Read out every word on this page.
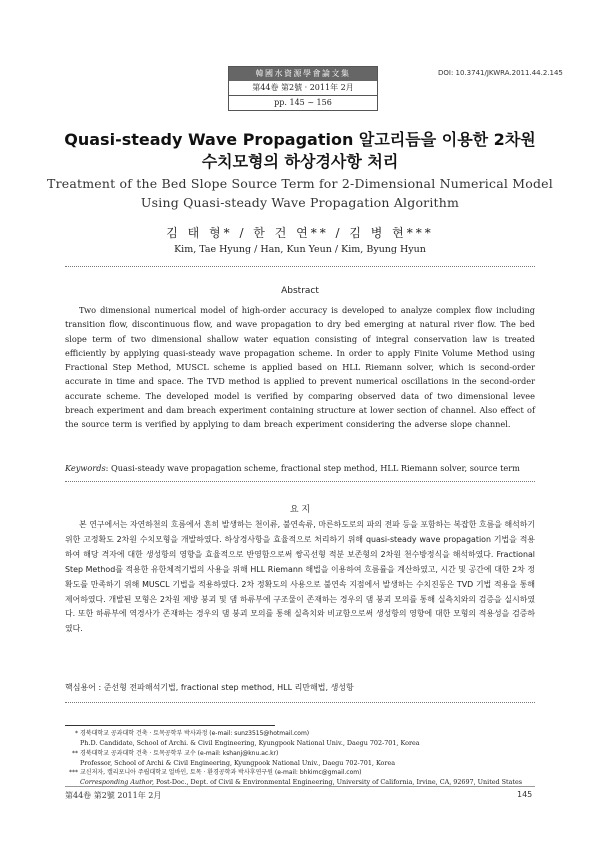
韓國水資源學會論文集
第44卷 第2號 · 2011年 2月
pp. 145 ~ 156
DOI: 10.3741/JKWRA.2011.44.2.145
Quasi-steady Wave Propagation 알고리듬을 이용한 2차원
수치모형의 하상경사항 처리
Treatment of the Bed Slope Source Term for 2-Dimensional Numerical Model
Using Quasi-steady Wave Propagation Algorithm
김 태 형* / 한 건 연** / 김 병 현***
Kim, Tae Hyung / Han, Kun Yeun / Kim, Byung Hyun
Abstract
Two dimensional numerical model of high-order accuracy is developed to analyze complex flow including transition flow, discontinuous flow, and wave propagation to dry bed emerging at natural river flow. The bed slope term of two dimensional shallow water equation consisting of integral conservation law is treated efficiently by applying quasi-steady wave propagation scheme. In order to apply Finite Volume Method using Fractional Step Method, MUSCL scheme is applied based on HLL Riemann solver, which is second-order accurate in time and space. The TVD method is applied to prevent numerical oscillations in the second-order accurate scheme. The developed model is verified by comparing observed data of two dimensional levee breach experiment and dam breach experiment containing structure at lower section of channel. Also effect of the source term is verified by applying to dam breach experiment considering the adverse slope channel.
Keywords: Quasi-steady wave propagation scheme, fractional step method, HLL Riemann solver, source term
요 지
본 연구에서는 자연하천의 흐름에서 흔히 발생하는 천이류, 불연속류, 마른하도로의 파의 전파 등을 포함하는 복잡한 흐름을 해석하기 위한 고정확도 2차원 수치모형을 개발하였다. 하상경사항을 효율적으로 처리하기 위해 quasi-steady wave propagation 기법을 적용하여 해당 격자에 대한 생성항의 영향을 효율적으로 반영함으로써 쌍곡선형 적분 보존형의 2차원 천수방정식을 해석하였다. Fractional Step Method를 적용한 유한체적기법의 사용을 위해 HLL Riemann 해법을 이용하여 흐름률을 계산하였고, 시간 및 공간에 대한 2차 정확도를 만족하기 위해 MUSCL 기법을 적용하였다. 2차 정확도의 사용으로 불연속 지점에서 발생하는 수치진동은 TVD 기법 적용을 통해 제어하였다. 개발된 모형은 2차원 제방 붕괴 및 댐 하류부에 구조물이 존재하는 경우의 댐 붕괴 모의를 통해 실측치와의 검증을 실시하였다. 또한 하류부에 역경사가 존재하는 경우의 댐 붕괴 모의를 통해 실측치와 비교함으로써 생성항의 영향에 대한 모형의 적용성을 검증하였다.
핵심용어 : 준선형 전파해석기법, fractional step method, HLL 리만해법, 생성항
* 경북대학교 공과대학 건축 · 토목공학부 박사과정 (e-mail: sunz3515@hotmail.com)
Ph.D. Candidate, School of Archi. & Civil Engineering, Kyungpook National Univ., Daegu 702-701, Korea
** 경북대학교 공과대학 건축 · 토목공학부 교수 (e-mail: kshanj@knu.ac.kr)
Professor, School of Archi & Civil Engineering, Kyungpook National Univ., Daegu 702-701, Korea
*** 교신저자, 캘리포니아 주립대학교 얼바인, 토목 · 환경공학과 박사후연구원 (e-mail: bhkimc@gmail.com)
Corresponding Author, Post-Doc., Dept. of Civil & Environmental Engineering, University of California, Irvine, CA, 92697, United States
第44卷 第2號 2011年 2月	145
